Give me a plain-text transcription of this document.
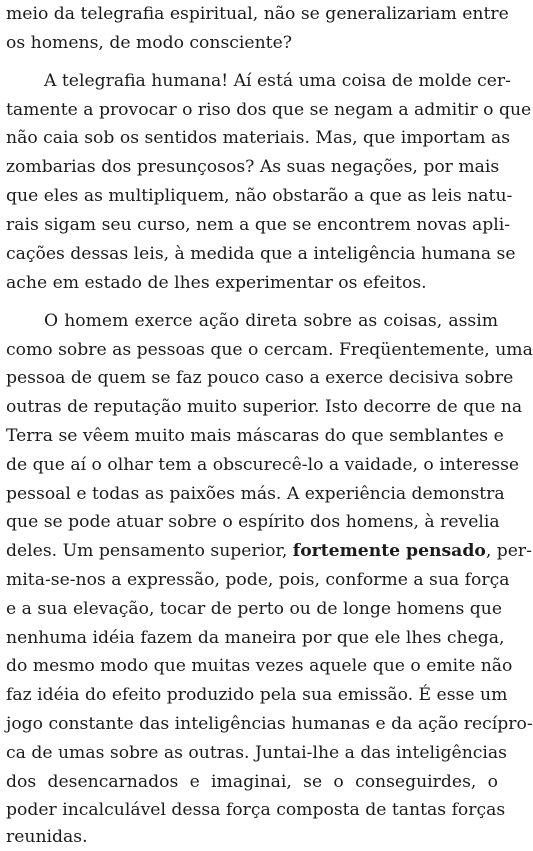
meio da telegrafia espiritual, não se generalizariam entre
os homens, de modo consciente?
A telegrafia humana! Aí está uma coisa de molde cer-
tamente a provocar o riso dos que se negam a admitir o que
não caia sob os sentidos materiais. Mas, que importam as
zombarias dos presunçosos? As suas negações, por mais
que eles as multipliquem, não obstarão a que as leis natu-
rais sigam seu curso, nem a que se encontrem novas apli-
cações dessas leis, à medida que a inteligência humana se
ache em estado de lhes experimentar os efeitos.
O homem exerce ação direta sobre as coisas, assim
como sobre as pessoas que o cercam. Freqüentemente, uma
pessoa de quem se faz pouco caso a exerce decisiva sobre
outras de reputação muito superior. Isto decorre de que na
Terra se vêem muito mais máscaras do que semblantes e
de que aí o olhar tem a obscurecê-lo a vaidade, o interesse
pessoal e todas as paixões más. A experiência demonstra
que se pode atuar sobre o espírito dos homens, à revelia
deles. Um pensamento superior, fortemente pensado, per-
mita-se-nos a expressão, pode, pois, conforme a sua força
e a sua elevação, tocar de perto ou de longe homens que
nenhuma idéia fazem da maneira por que ele lhes chega,
do mesmo modo que muitas vezes aquele que o emite não
faz idéia do efeito produzido pela sua emissão. É esse um
jogo constante das inteligências humanas e da ação recípro-
ca de umas sobre as outras. Juntai-lhe a das inteligências
dos desencarnados e imaginai, se o conseguirdes, o
poder incalculável dessa força composta de tantas forças
reunidas.
